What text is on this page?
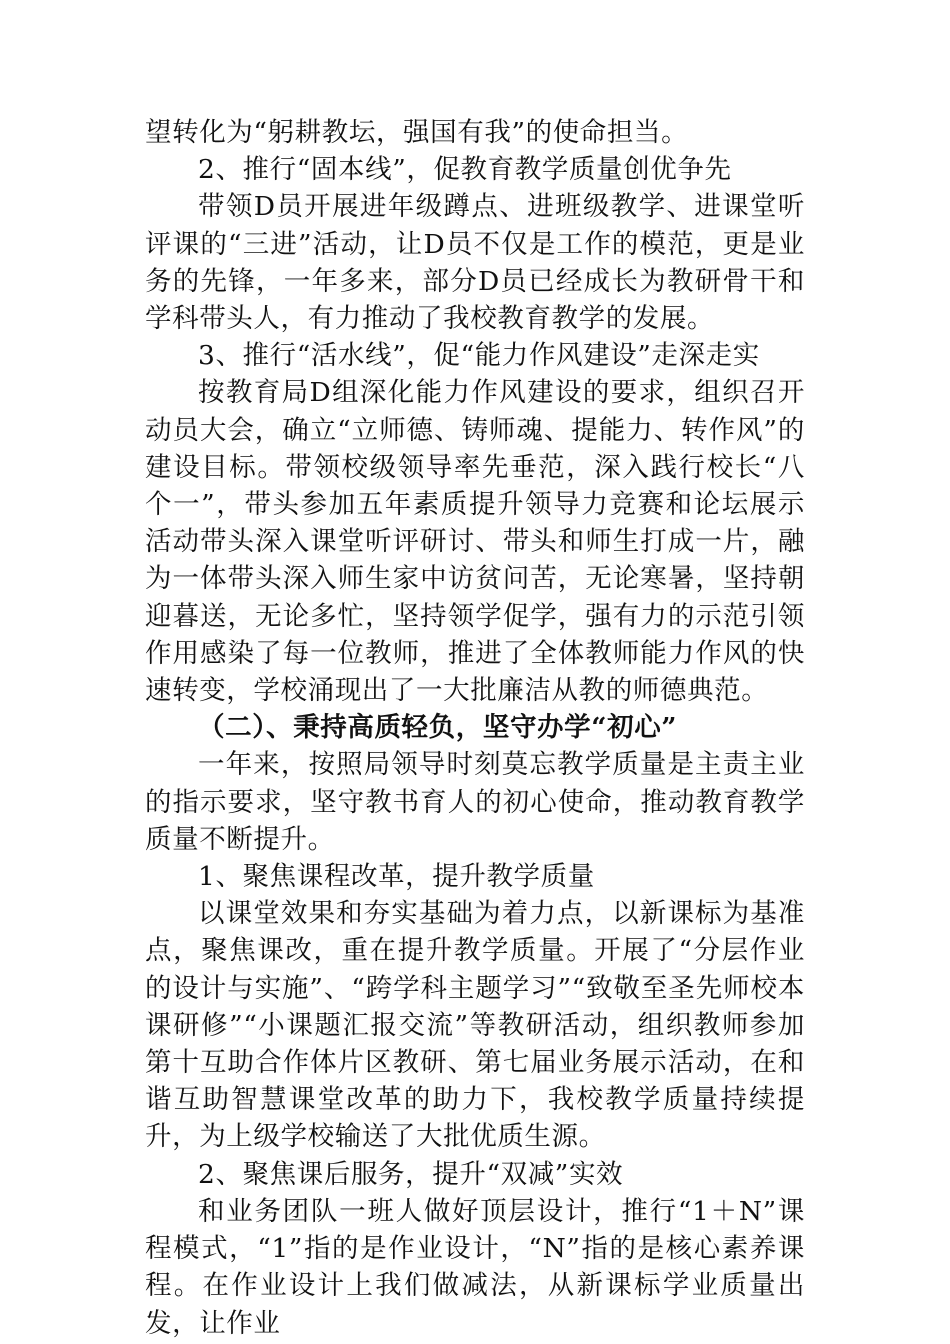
望转化为“躬耕教坛，强国有我”的使命担当。

2、推行“固本线”，促教育教学质量创优争先

带领D员开展进年级蹲点、进班级教学、进课堂听评课的“三进”活动，让D员不仅是工作的模范，更是业务的先锋，一年多来，部分D员已经成长为教研骨干和学科带头人，有力推动了我校教育教学的发展。

3、推行“活水线”，促“能力作风建设”走深走实

按教育局D组深化能力作风建设的要求，组织召开动员大会，确立“立师德、铸师魂、提能力、转作风”的建设目标。带领校级领导率先垂范，深入践行校长“八个一”，带头参加五年素质提升领导力竞赛和论坛展示活动带头深入课堂听评研讨、带头和师生打成一片，融为一体带头深入师生家中访贫问苦，无论寒暑，坚持朝迎暮送，无论多忙，坚持领学促学，强有力的示范引领作用感染了每一位教师，推进了全体教师能力作风的快速转变，学校涌现出了一大批廉洁从教的师德典范。

（二）、秉持高质轻负，坚守办学“初心”

一年来，按照局领导时刻莫忘教学质量是主责主业的指示要求，坚守教书育人的初心使命，推动教育教学质量不断提升。

1、聚焦课程改革，提升教学质量

以课堂效果和夯实基础为着力点，以新课标为基准点，聚焦课改，重在提升教学质量。开展了“分层作业的设计与实施”、“跨学科主题学习”“致敬至圣先师校本课研修”“小课题汇报交流”等教研活动，组织教师参加第十互助合作体片区教研、第七届业务展示活动，在和谐互助智慧课堂改革的助力下，我校教学质量持续提升，为上级学校输送了大批优质生源。

2、聚焦课后服务，提升“双减”实效

和业务团队一班人做好顶层设计，推行“1＋N”课程模式，“1”指的是作业设计，“N”指的是核心素养课程。在作业设计上我们做减法，从新课标学业质量出发，让作业
